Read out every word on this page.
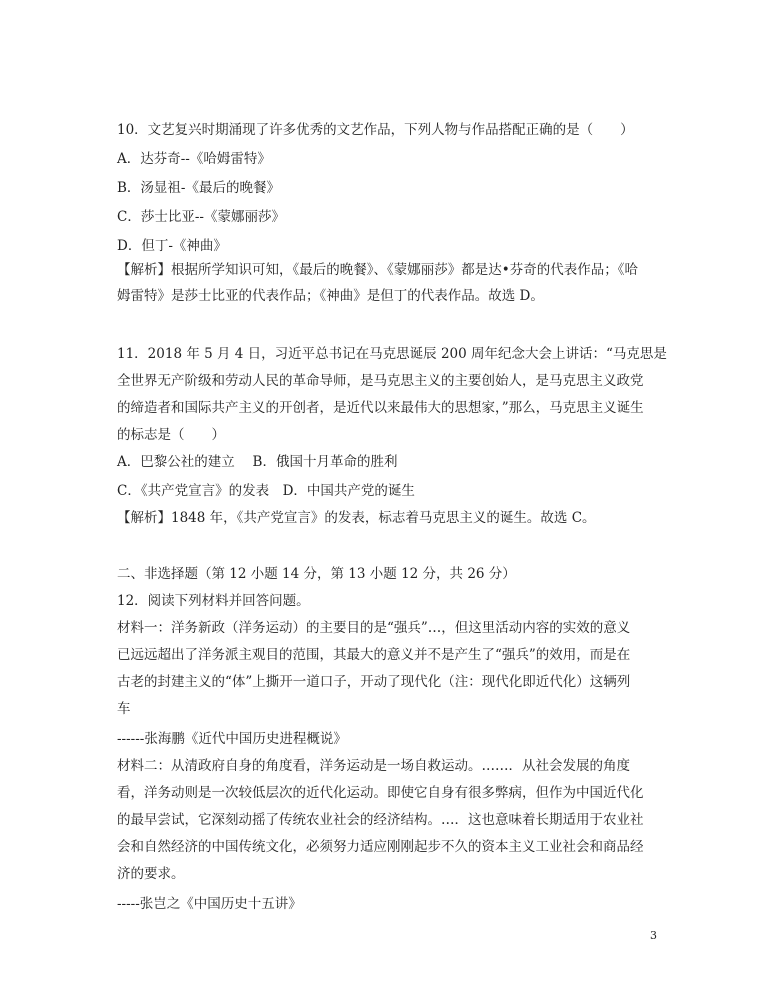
10．文艺复兴时期涌现了许多优秀的文艺作品，下列人物与作品搭配正确的是（　　）
A．达芬奇--《哈姆雷特》
B．汤显祖-《最后的晚餐》
C．莎士比亚--《蒙娜丽莎》
D．但丁-《神曲》
【解析】根据所学知识可知，《最后的晚餐》、《蒙娜丽莎》都是达•芬奇的代表作品；《哈
姆雷特》是莎士比亚的代表作品；《神曲》是但丁的代表作品。故选 D。
11．2018 年 5 月 4 日，习近平总书记在马克思诞辰 200 周年纪念大会上讲话：“马克思是
全世界无产阶级和劳动人民的革命导师，是马克思主义的主要创始人，是马克思主义政党
的缔造者和国际共产主义的开创者，是近代以来最伟大的思想家，”那么，马克思主义诞生
的标志是（　　）
A．巴黎公社的建立　 B．俄国十月革命的胜利
C．《共产党宣言》的发表　D．中国共产党的诞生
【解析】1848 年，《共产党宣言》的发表，标志着马克思主义的诞生。故选 C。
二、非选择题（第 12 小题 14 分，第 13 小题 12 分，共 26 分）
12．阅读下列材料并回答问题。
材料一：洋务新政（洋务运动）的主要目的是“强兵”…，但这里活动内容的实效的意义
已远远超出了洋务派主观目的范围，其最大的意义并不是产生了“强兵”的效用，而是在
古老的封建主义的“体”上撕开一道口子，开动了现代化（注：现代化即近代化）这辆列
车
------张海鹏《近代中国历史进程概说》
材料二：从清政府自身的角度看，洋务运动是一场自救运动。……．从社会发展的角度
看，洋务动则是一次较低层次的近代化运动。即使它自身有很多弊病，但作为中国近代化
的最早尝试，它深刻动摇了传统农业社会的经济结构。…．这也意味着长期适用于农业社
会和自然经济的中国传统文化，必须努力适应刚刚起步不久的资本主义工业社会和商品经
济的要求。
-----张岂之《中国历史十五讲》
3
